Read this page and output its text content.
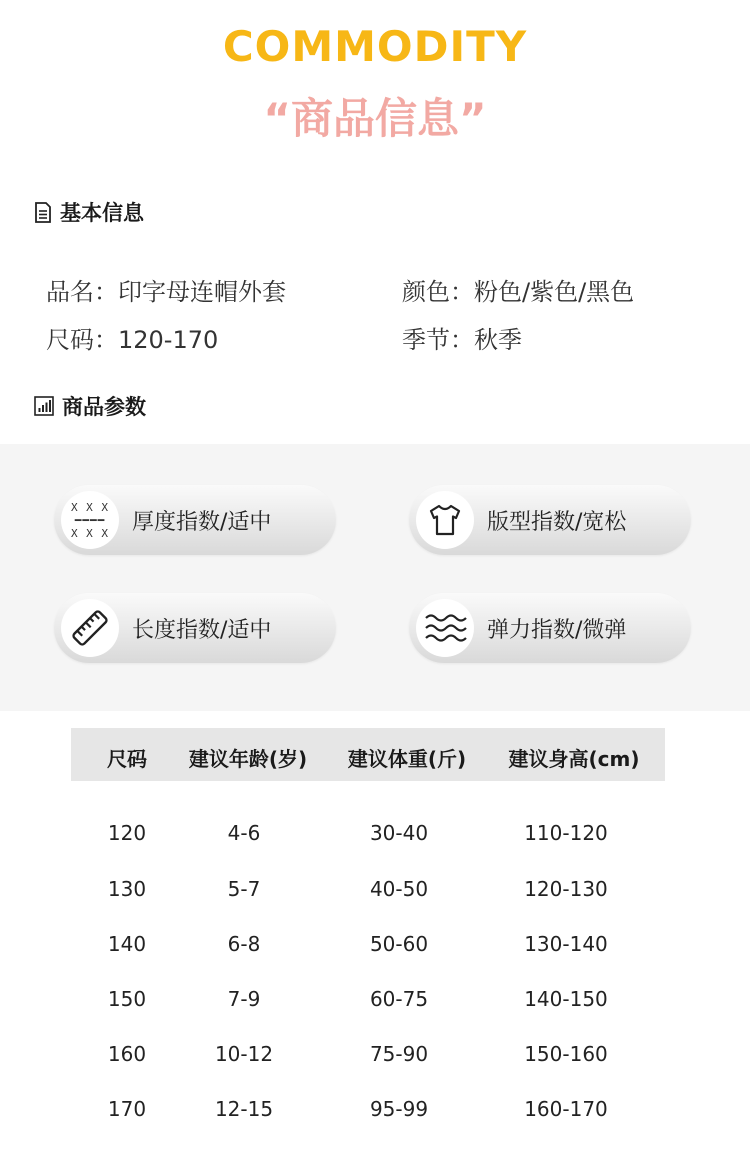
COMMODITY
“商品信息”
基本信息
品名：印字母连帽外套	颜色：粉色/紫色/黑色
尺码：120-170	季节：秋季
商品参数
X X X
━━━━
X X X 厚度指数/适中	版型指数/宽松
长度指数/适中	弹力指数/微弹
尺码 建议年龄(岁) 建议体重(斤) 建议身高(cm)
120	4-6	30-40	110-120
130	5-7	40-50	120-130
140	6-8	50-60	130-140
150	7-9	60-75	140-150
160	10-12	75-90	150-160
170	12-15	95-99	160-170
